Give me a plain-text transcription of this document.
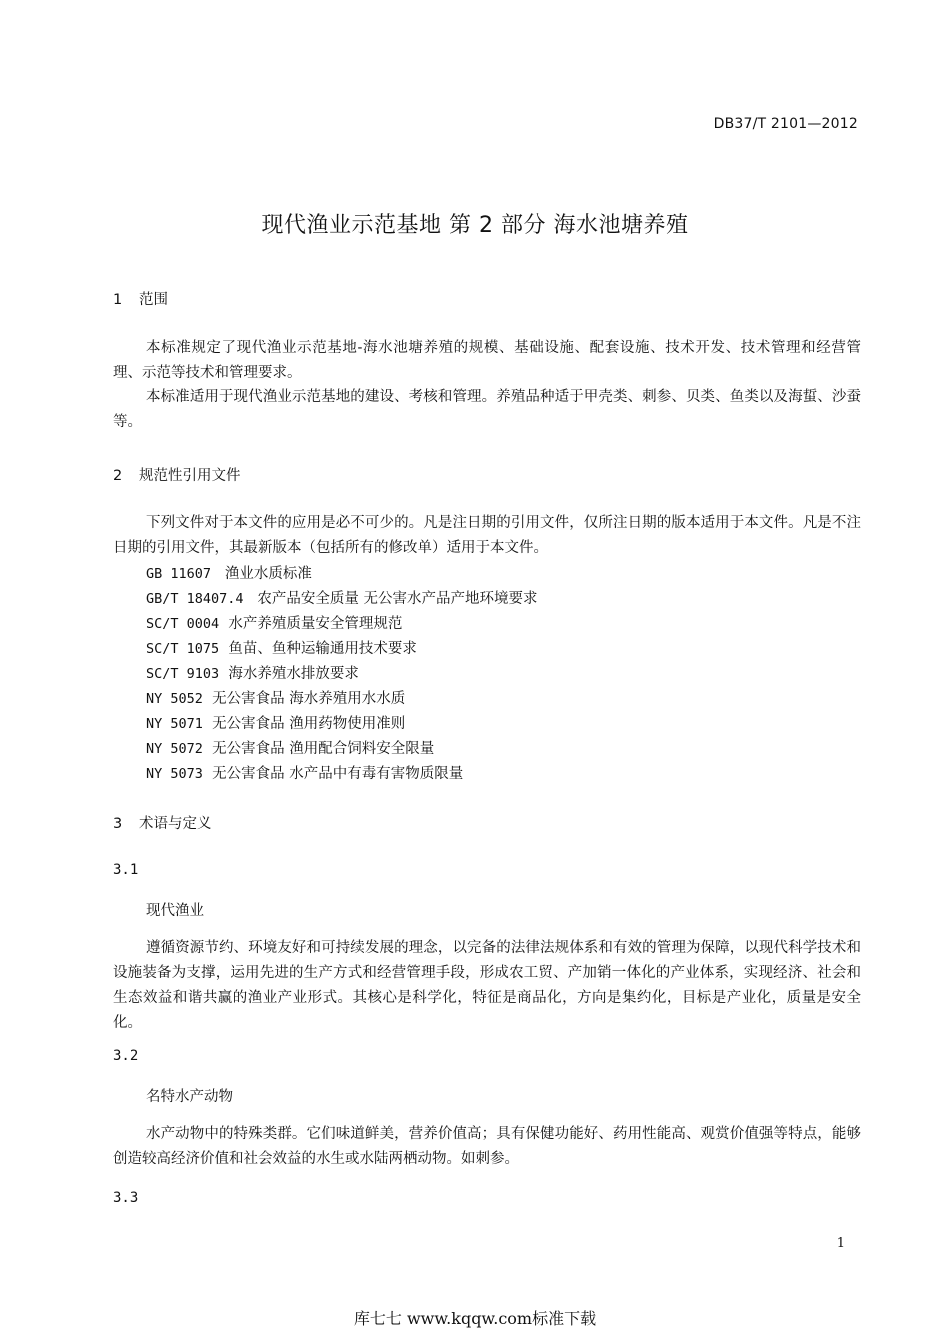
DB37/T 2101—2012
现代渔业示范基地 第 2 部分 海水池塘养殖
1 范围
本标准规定了现代渔业示范基地-海水池塘养殖的规模、基础设施、配套设施、技术开发、技术管理和经营管理、示范等技术和管理要求。
本标准适用于现代渔业示范基地的建设、考核和管理。养殖品种适于甲壳类、刺参、贝类、鱼类以及海蜇、沙蚕等。
2 规范性引用文件
下列文件对于本文件的应用是必不可少的。凡是注日期的引用文件，仅所注日期的版本适用于本文件。凡是不注日期的引用文件，其最新版本（包括所有的修改单）适用于本文件。
GB 11607 渔业水质标准
GB/T 18407.4 农产品安全质量 无公害水产品产地环境要求
SC/T 0004 水产养殖质量安全管理规范
SC/T 1075 鱼苗、鱼种运输通用技术要求
SC/T 9103 海水养殖水排放要求
NY 5052 无公害食品 海水养殖用水水质
NY 5071 无公害食品 渔用药物使用准则
NY 5072 无公害食品 渔用配合饲料安全限量
NY 5073 无公害食品 水产品中有毒有害物质限量
3 术语与定义
3.1
现代渔业
遵循资源节约、环境友好和可持续发展的理念，以完备的法律法规体系和有效的管理为保障，以现代科学技术和设施装备为支撑，运用先进的生产方式和经营管理手段，形成农工贸、产加销一体化的产业体系，实现经济、社会和生态效益和谐共赢的渔业产业形式。其核心是科学化，特征是商品化，方向是集约化，目标是产业化，质量是安全化。
3.2
名特水产动物
水产动物中的特殊类群。它们味道鲜美，营养价值高；具有保健功能好、药用性能高、观赏价值强等特点，能够创造较高经济价值和社会效益的水生或水陆两栖动物。如刺参。
3.3
1
库七七 www.kqqw.com标准下载
